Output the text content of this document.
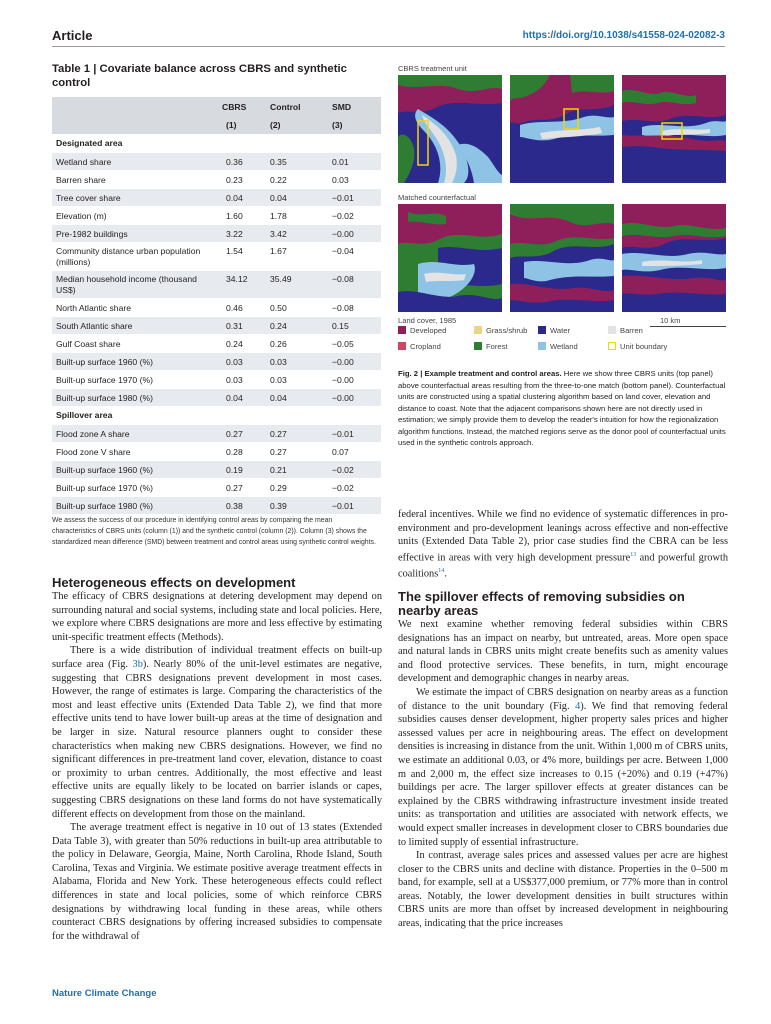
Article	https://doi.org/10.1038/s41558-024-02082-3
Table 1 | Covariate balance across CBRS and synthetic control
CBRS	Control	SMD
(1)	(2)	(3)
Designated area
Wetland share	0.36	0.35	0.01
Barren share	0.23	0.22	0.03
Tree cover share	0.04	0.04	−0.01
Elevation (m)	1.60	1.78	−0.02
Pre-1982 buildings	3.22	3.42	−0.00
Community distance urban population (millions)
1.54	1.67	−0.04
Median household income (thousand US$)
34.12	35.49	−0.08
North Atlantic share	0.46	0.50	−0.08
South Atlantic share	0.31	0.24	0.15
Gulf Coast share	0.24	0.26	−0.05
Built-up surface 1960 (%)	0.03	0.03	−0.00
Built-up surface 1970 (%)	0.03	0.03	−0.00
Built-up surface 1980 (%)	0.04	0.04	−0.00
Spillover area
Flood zone A share	0.27	0.27	−0.01
Flood zone V share	0.28	0.27	0.07
Built-up surface 1960 (%)	0.19	0.21	−0.02
Built-up surface 1970 (%)	0.27	0.29	−0.02
Built-up surface 1980 (%)	0.38	0.39	−0.01
We assess the success of our procedure in identifying control areas by comparing the mean characteristics of CBRS units (column (1)) and the synthetic control (column (2)). Column (3) shows the standardized mean difference (SMD) between treatment and control areas using synthetic control weights.
CBRS treatment unit
Matched counterfactual
10 km
Land cover, 1985
Developed	Grass/shrub	Water	Barren
Cropland	Forest	Wetland	Unit boundary
Fig. 2 | Example treatment and control areas. Here we show three CBRS units (top panel) above counterfactual areas resulting from the three-to-one match (bottom panel). Counterfactual units are constructed using a spatial clustering algorithm based on land cover, elevation and distance to coast. Note that the adjacent comparisons shown here are not directly used in estimation; we simply provide them to develop the reader's intuition for how the regionalization algorithm functions. Instead, the matched regions serve as the donor pool of counterfactual units used in the synthetic controls approach.
Heterogeneous effects on development

The efficacy of CBRS designations at detering development may depend on surrounding natural and social systems, including state and local policies. Here, we explore where CBRS designations are more and less effective by estimating unit-specific treatment effects (Methods).

There is a wide distribution of individual treatment effects on built-up surface area (Fig. 3b). Nearly 80% of the unit-level estimates are negative, suggesting that CBRS designations prevent development in most cases. However, the range of estimates is large. Comparing the characteristics of the most and least effective units (Extended Data Table 2), we find that more effective units tend to have lower built-up areas at the time of designation and be larger in size. Natural resource planners ought to consider these characteristics when making new CBRS designations. However, we find no significant differences in pre-treatment land cover, elevation, distance to coast or proximity to urban centres. Additionally, the most effective and least effective units are equally likely to be located on barrier islands or capes, suggesting CBRS designations on these land forms do not have systematically different effects on development from those on the mainland.

The average treatment effect is negative in 10 out of 13 states (Extended Data Table 3), with greater than 50% reductions in built-up area attributable to the policy in Delaware, Georgia, Maine, North Carolina, Rhode Island, South Carolina, Texas and Virginia. We estimate positive average treatment effects in Alabama, Florida and New York. These heterogeneous effects could reflect differences in state and local policies, some of which reinforce CBRS designations by withdrawing local funding in these areas, while others counteract CBRS designations by offering increased subsidies to compensate for the withdrawal of

federal incentives. While we find no evidence of systematic differences in pro-environment and pro-development leanings across effective and non-effective units (Extended Data Table 2), prior case studies find the CBRA can be less effective in areas with very high development pressure$^{13}$ and powerful growth coalitions$^{14}$.

The spillover effects of removing subsidies on nearby areas

We next examine whether removing federal subsidies within CBRS designations has an impact on nearby, but untreated, areas. More open space and natural lands in CBRS units might create benefits such as amenity values and flood protective services. These benefits, in turn, might encourage development and demographic changes in nearby areas.

We estimate the impact of CBRS designation on nearby areas as a function of distance to the unit boundary (Fig. 4). We find that removing federal subsidies causes denser development, higher property sales prices and higher assessed values per acre in neighbouring areas. The effect on development densities is increasing in distance from the unit. Within 1,000 m of CBRS units, we estimate an additional 0.03, or 4% more, buildings per acre. Between 1,000 m and 2,000 m, the effect size increases to 0.15 (+20%) and 0.19 (+47%) buildings per acre. The larger spillover effects at greater distances can be explained by the CBRS withdrawing infrastructure investment inside treated units: as transportation and utilities are associated with network effects, we would expect smaller increases in development closer to CBRS boundaries due to limited supply of essential infrastructure.

In contrast, average sales prices and assessed values per acre are highest closer to the CBRS units and decline with distance. Properties in the 0–500 m band, for example, sell at a US$377,000 premium, or 77% more than in control areas. Notably, the lower development densities in built structures within CBRS units are more than offset by increased development in neighbouring areas, indicating that the price increases

Nature Climate Change
